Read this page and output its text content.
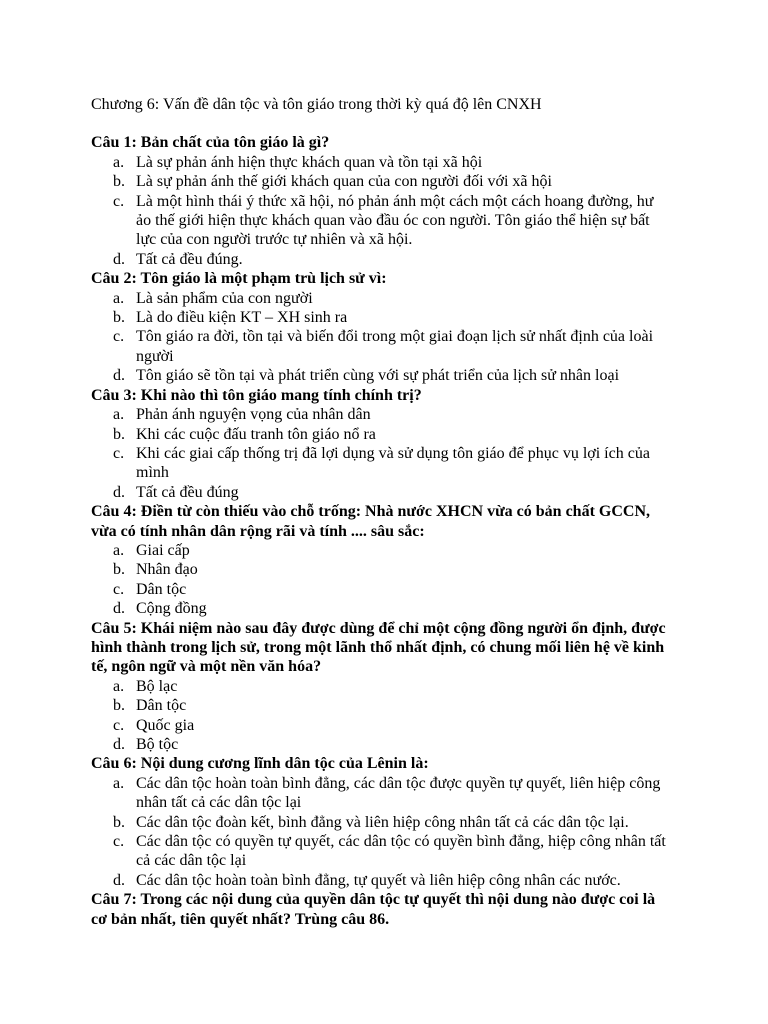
Chương 6: Vấn đề dân tộc và tôn giáo trong thời kỳ quá độ lên CNXH

Câu 1: Bản chất của tôn giáo là gì?

a. Là sự phản ánh hiện thực khách quan và tồn tại xã hội
b. Là sự phản ánh thế giới khách quan của con người đối với xã hội
c. Là một hình thái ý thức xã hội, nó phản ánh một cách một cách hoang đường, hư ảo thế giới hiện thực khách quan vào đầu óc con người. Tôn giáo thể hiện sự bất lực của con người trước tự nhiên và xã hội.
d. Tất cả đều đúng.

Câu 2: Tôn giáo là một phạm trù lịch sử vì:

a. Là sản phẩm của con người
b. Là do điều kiện KT – XH sinh ra
c. Tôn giáo ra đời, tồn tại và biến đổi trong một giai đoạn lịch sử nhất định của loài người
d. Tôn giáo sẽ tồn tại và phát triển cùng với sự phát triển của lịch sử nhân loại

Câu 3: Khi nào thì tôn giáo mang tính chính trị?

a. Phản ánh nguyện vọng của nhân dân
b. Khi các cuộc đấu tranh tôn giáo nổ ra
c. Khi các giai cấp thống trị đã lợi dụng và sử dụng tôn giáo để phục vụ lợi ích của mình
d. Tất cả đều đúng

Câu 4: Điền từ còn thiếu vào chỗ trống: Nhà nước XHCN vừa có bản chất GCCN, vừa có tính nhân dân rộng rãi và tính .... sâu sắc:

a. Giai cấp
b. Nhân đạo
c. Dân tộc
d. Cộng đồng

Câu 5: Khái niệm nào sau đây được dùng để chỉ một cộng đồng người ổn định, được hình thành trong lịch sử, trong một lãnh thổ nhất định, có chung mối liên hệ về kinh tế, ngôn ngữ và một nền văn hóa?

a. Bộ lạc
b. Dân tộc
c. Quốc gia
d. Bộ tộc

Câu 6: Nội dung cương lĩnh dân tộc của Lênin là:

a. Các dân tộc hoàn toàn bình đẳng, các dân tộc được quyền tự quyết, liên hiệp công nhân tất cả các dân tộc lại
b. Các dân tộc đoàn kết, bình đẳng và liên hiệp công nhân tất cả các dân tộc lại.
c. Các dân tộc có quyền tự quyết, các dân tộc có quyền bình đẳng, hiệp công nhân tất cả các dân tộc lại
d. Các dân tộc hoàn toàn bình đẳng, tự quyết và liên hiệp công nhân các nước.

Câu 7: Trong các nội dung của quyền dân tộc tự quyết thì nội dung nào được coi là cơ bản nhất, tiên quyết nhất? Trùng câu 86.
